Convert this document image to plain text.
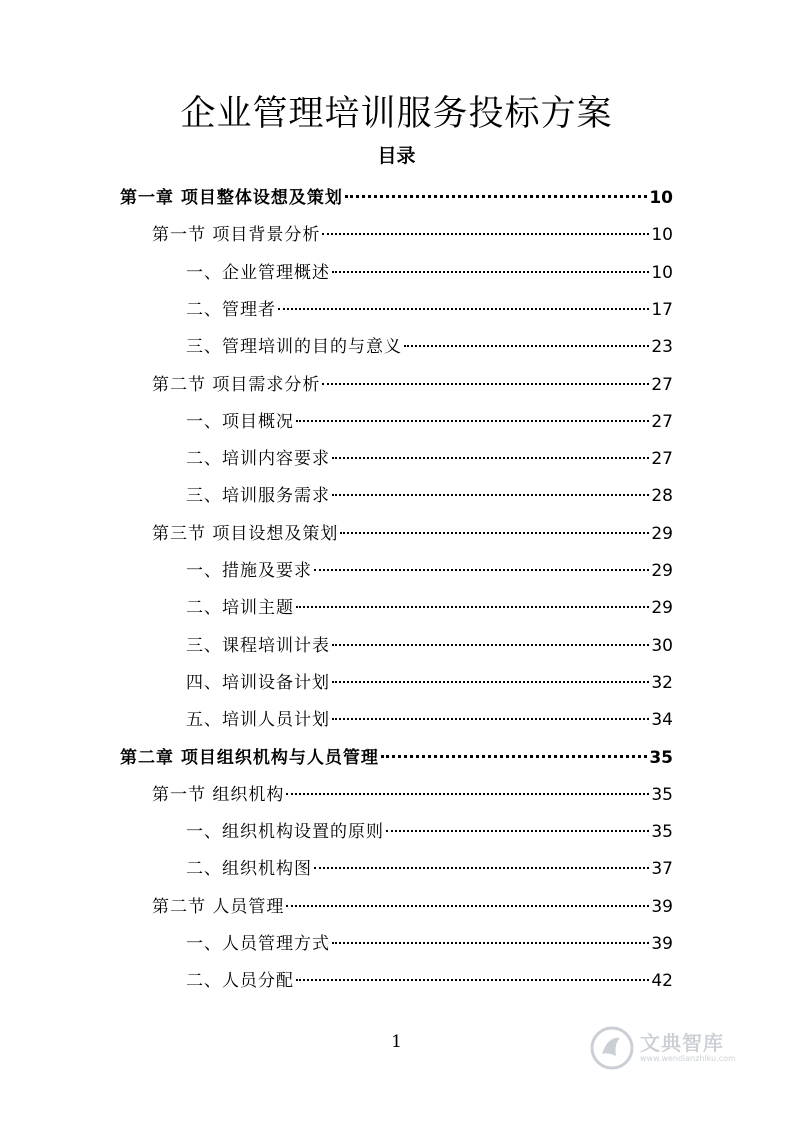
企业管理培训服务投标方案
目录
第一章 项目整体设想及策划	10
第一节 项目背景分析	10
一、企业管理概述	10
二、管理者	17
三、管理培训的目的与意义	23
第二节 项目需求分析	27
一、项目概况	27
二、培训内容要求	27
三、培训服务需求	28
第三节 项目设想及策划	29
一、措施及要求	29
二、培训主题	29
三、课程培训计表	30
四、培训设备计划	32
五、培训人员计划	34
第二章 项目组织机构与人员管理	35
第一节 组织机构	35
一、组织机构设置的原则	35
二、组织机构图	37
第二节 人员管理	39
一、人员管理方式	39
二、人员分配	42
1	文典智库
www.wendianzhiku.com
